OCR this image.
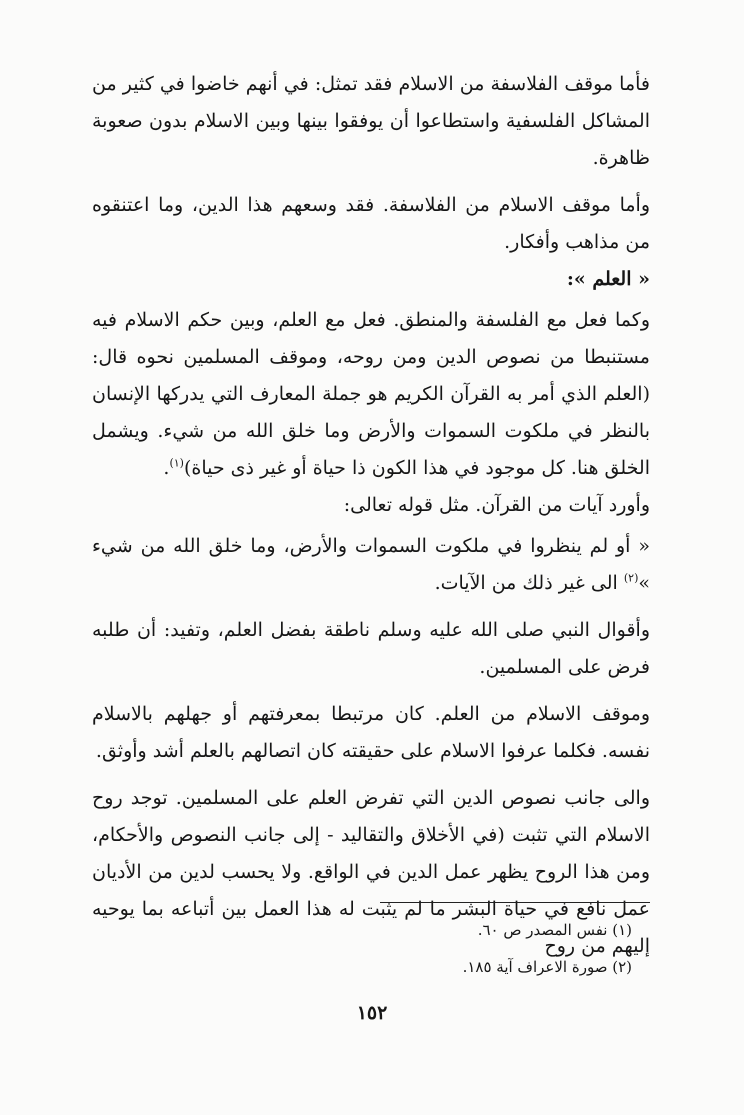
فأما موقف الفلاسفة من الاسلام فقد تمثل: في أنهم خاضوا في كثير من المشاكل الفلسفية واستطاعوا أن يوفقوا بينها وبين الاسلام بدون صعوبة ظاهرة.

وأما موقف الاسلام من الفلاسفة. فقد وسعهم هذا الدين، وما اعتنقوه من مذاهب وأفكار.

« العلم »:

وكما فعل مع الفلسفة والمنطق. فعل مع العلم، وبين حكم الاسلام فيه مستنبطا من نصوص الدين ومن روحه، وموقف المسلمين نحوه قال: (العلم الذي أمر به القرآن الكريم هو جملة المعارف التي يدركها الإنسان بالنظر في ملكوت السموات والأرض وما خلق الله من شيء. ويشمل الخلق هنا. كل موجود في هذا الكون ذا حياة أو غير ذى حياة)$^{(١)}$.

وأورد آيات من القرآن. مثل قوله تعالى:

« أو لم ينظروا في ملكوت السموات والأرض، وما خلق الله من شيء »$^{(٢)}$ الى غير ذلك من الآيات.

وأقوال النبي صلى الله عليه وسلم ناطقة بفضل العلم، وتفيد: أن طلبه فرض على المسلمين.

وموقف الاسلام من العلم. كان مرتبطا بمعرفتهم أو جهلهم بالاسلام نفسه. فكلما عرفوا الاسلام على حقيقته كان اتصالهم بالعلم أشد وأوثق.

والى جانب نصوص الدين التي تفرض العلم على المسلمين. توجد روح الاسلام التي تثبت (في الأخلاق والتقاليد - إلى جانب النصوص والأحكام، ومن هذا الروح يظهر عمل الدين في الواقع. ولا يحسب لدين من الأديان عمل نافع في حياة البشر ما لم يثبت له هذا العمل بين أتباعه بما يوحيه إليهم من روح

(١) نفس المصدر ص ٦٠.

(٢) صورة الاعراف آية ١٨٥.

١٥٢
